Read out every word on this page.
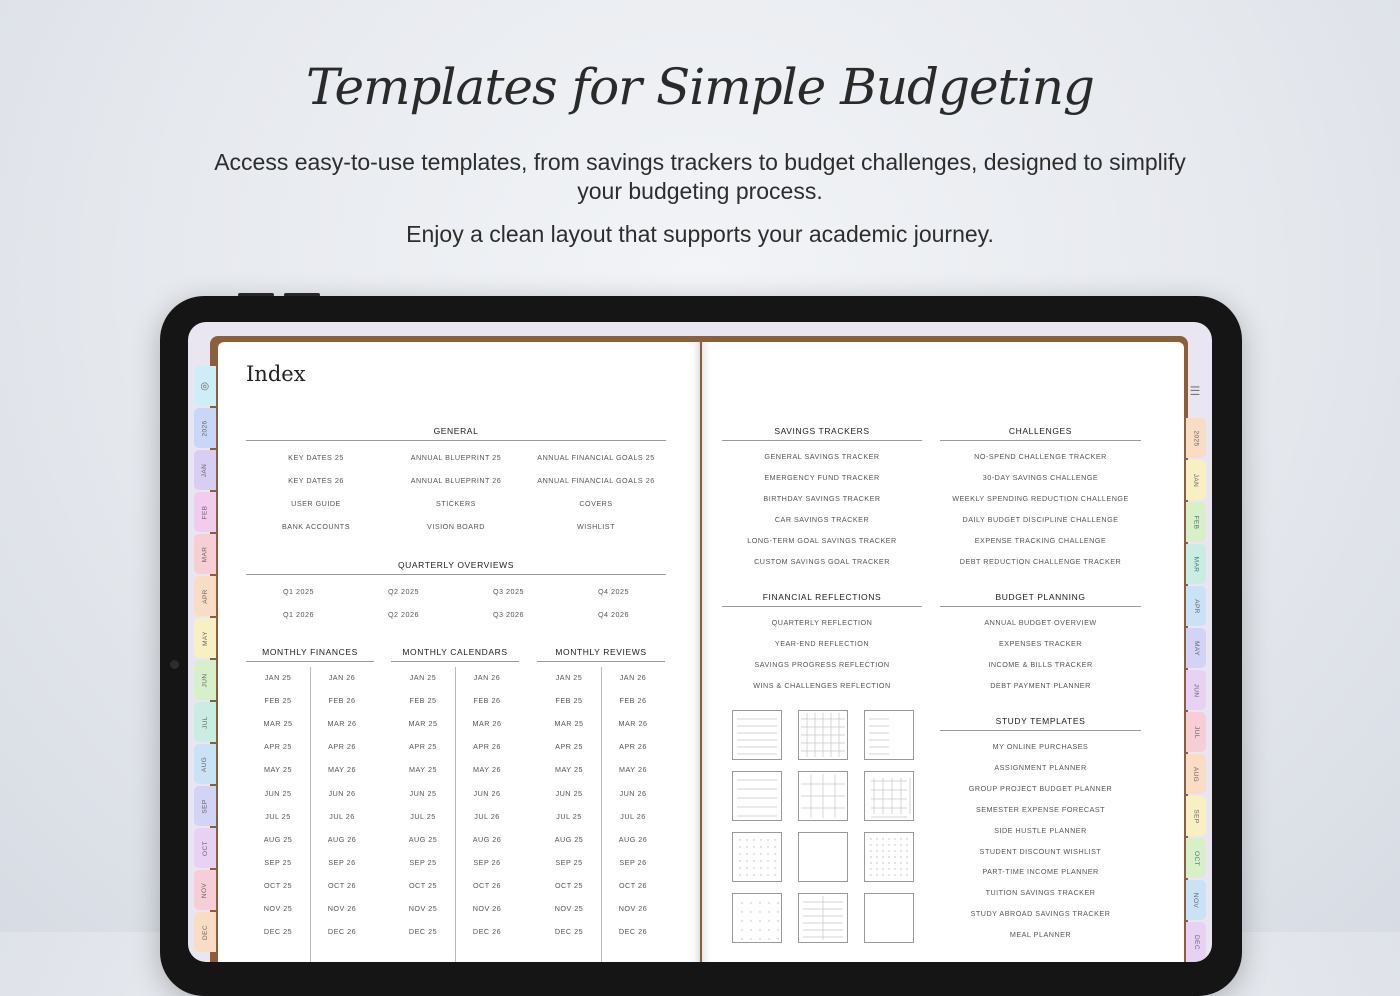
Templates for Simple Budgeting
Access easy-to-use templates, from savings trackers to budget challenges, designed to simplify your budgeting process.
Enjoy a clean layout that supports your academic journey.
Index
GENERAL
KEY DATES 25	ANNUAL BLUEPRINT 25	ANNUAL FINANCIAL GOALS 25
KEY DATES 26	ANNUAL BLUEPRINT 26	ANNUAL FINANCIAL GOALS 26
USER GUIDE	STICKERS	COVERS
BANK ACCOUNTS	VISION BOARD	WISHLIST
QUARTERLY OVERVIEWS
Q1 2025	Q2 2025	Q3 2025	Q4 2025
Q1 2026	Q2 2026	Q3 2026	Q4 2026
MONTHLY FINANCES
JAN 25	JAN 26
FEB 25	FEB 26
MAR 25	MAR 26
APR 25	APR 26
MAY 25	MAY 26
JUN 25	JUN 26
JUL 25	JUL 26
AUG 25	AUG 26
SEP 25	SEP 26
OCT 25	OCT 26
NOV 25	NOV 26
DEC 25	DEC 26
MONTHLY CALENDARS
JAN 25	JAN 26
FEB 25	FEB 26
MAR 25	MAR 26
APR 25	APR 26
MAY 25	MAY 26
JUN 25	JUN 26
JUL 25	JUL 26
AUG 25	AUG 26
SEP 25	SEP 26
OCT 25	OCT 26
NOV 25	NOV 26
DEC 25	DEC 26
MONTHLY REVIEWS
JAN 25	JAN 26
FEB 25	FEB 26
MAR 25	MAR 26
APR 25	APR 26
MAY 25	MAY 26
JUN 25	JUN 26
JUL 25	JUL 26
AUG 25	AUG 26
SEP 25	SEP 26
OCT 25	OCT 26
NOV 25	NOV 26
DEC 25	DEC 26
SAVINGS TRACKERS
GENERAL SAVINGS TRACKER
EMERGENCY FUND TRACKER
BIRTHDAY SAVINGS TRACKER
CAR SAVINGS TRACKER
LONG-TERM GOAL SAVINGS TRACKER
CUSTOM SAVINGS GOAL TRACKER
CHALLENGES
NO-SPEND CHALLENGE TRACKER
30-DAY SAVINGS CHALLENGE
WEEKLY SPENDING REDUCTION CHALLENGE
DAILY BUDGET DISCIPLINE CHALLENGE
EXPENSE TRACKING CHALLENGE
DEBT REDUCTION CHALLENGE TRACKER
FINANCIAL REFLECTIONS
QUARTERLY REFLECTION
YEAR-END REFLECTION
SAVINGS PROGRESS REFLECTION
WINS & CHALLENGES REFLECTION
BUDGET PLANNING
ANNUAL BUDGET OVERVIEW
EXPENSES TRACKER
INCOME & BILLS TRACKER
DEBT PAYMENT PLANNER
STUDY TEMPLATES
MY ONLINE PURCHASES
ASSIGNMENT PLANNER
GROUP PROJECT BUDGET PLANNER
SEMESTER EXPENSE FORECAST
SIDE HUSTLE PLANNER
STUDENT DISCOUNT WISHLIST
PART-TIME INCOME PLANNER
TUITION SAVINGS TRACKER
STUDY ABROAD SAVINGS TRACKER
MEAL PLANNER
◎
2026
JAN
FEB
MAR
APR
MAY
JUN
JUL
AUG
SEP
OCT
NOV
DEC
2025
JAN
FEB
MAR
APR
MAY
JUN
JUL
AUG
SEP
OCT
NOV
DEC
☰
